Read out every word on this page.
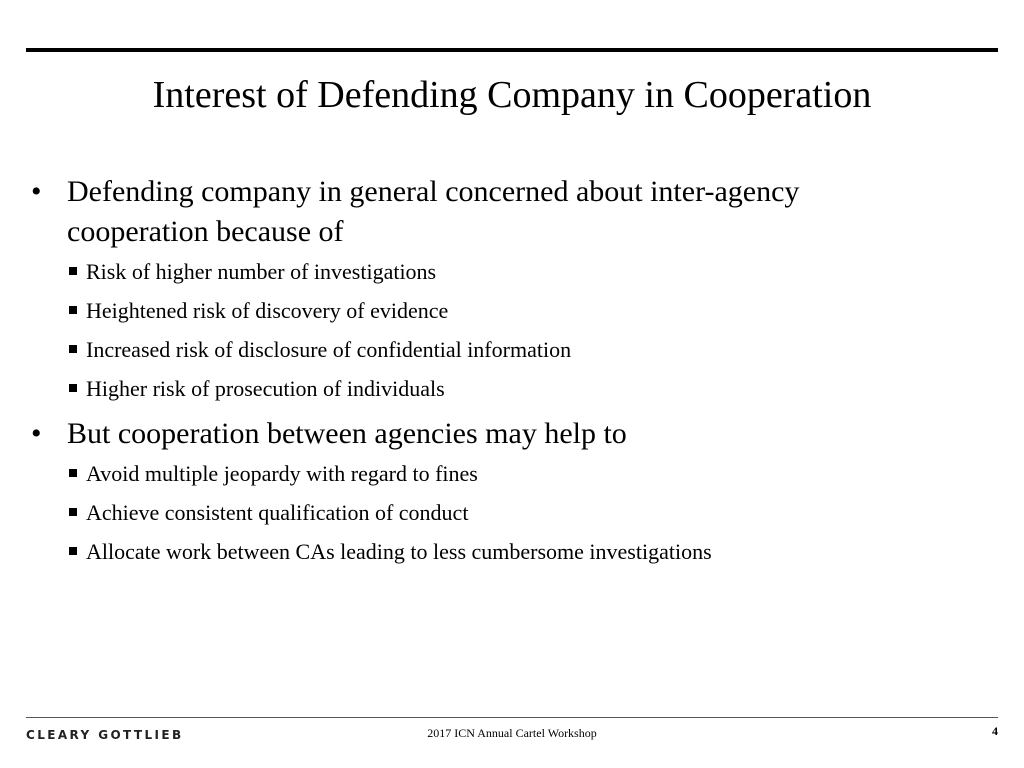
Interest of Defending Company in Cooperation
• Defending company in general concerned about inter-agency cooperation because of
Risk of higher number of investigations
Heightened risk of discovery of evidence
Increased risk of disclosure of confidential information
Higher risk of prosecution of individuals
• But cooperation between agencies may help to
Avoid multiple jeopardy with regard to fines
Achieve consistent qualification of conduct
Allocate work between CAs leading to less cumbersome investigations
CLEARY GOTTLIEB	2017 ICN Annual Cartel Workshop	4
